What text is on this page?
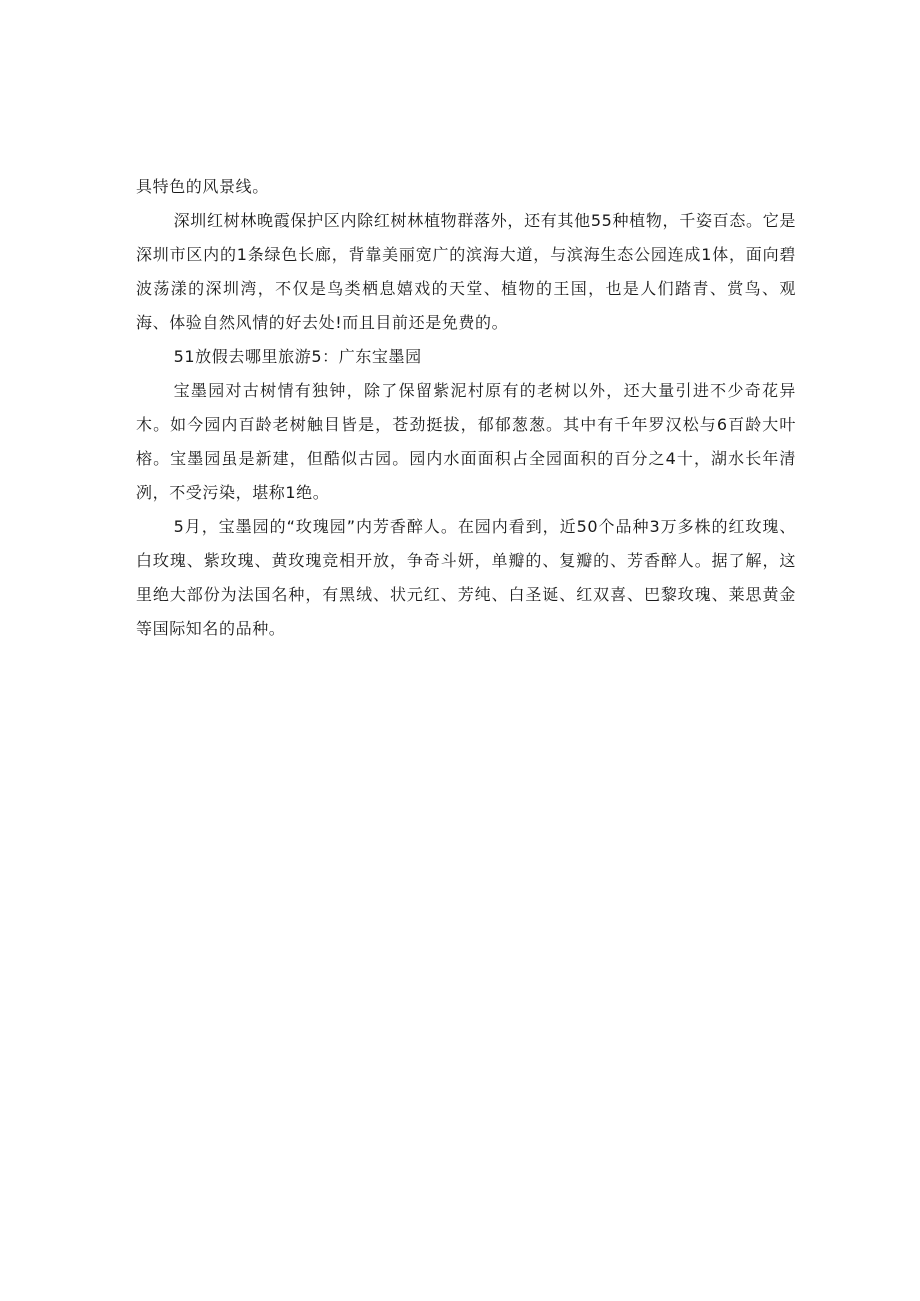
具特色的风景线。

深圳红树林晚霞保护区内除红树林植物群落外，还有其他55种植物，千姿百态。它是深圳市区内的1条绿色长廊，背靠美丽宽广的滨海大道，与滨海生态公园连成1体，面向碧波荡漾的深圳湾，不仅是鸟类栖息嬉戏的天堂、植物的王国，也是人们踏青、赏鸟、观海、体验自然风情的好去处!而且目前还是免费的。

51放假去哪里旅游5：广东宝墨园

宝墨园对古树情有独钟，除了保留紫泥村原有的老树以外，还大量引进不少奇花异木。如今园内百龄老树触目皆是，苍劲挺拔，郁郁葱葱。其中有千年罗汉松与6百龄大叶榕。宝墨园虽是新建，但酷似古园。园内水面面积占全园面积的百分之4十，湖水长年清冽，不受污染，堪称1绝。

5月，宝墨园的“玫瑰园”内芳香醉人。在园内看到，近50个品种3万多株的红玫瑰、白玫瑰、紫玫瑰、黄玫瑰竞相开放，争奇斗妍，单瓣的、复瓣的、芳香醉人。据了解，这里绝大部份为法国名种，有黑绒、状元红、芳纯、白圣诞、红双喜、巴黎玫瑰、莱思黄金等国际知名的品种。
